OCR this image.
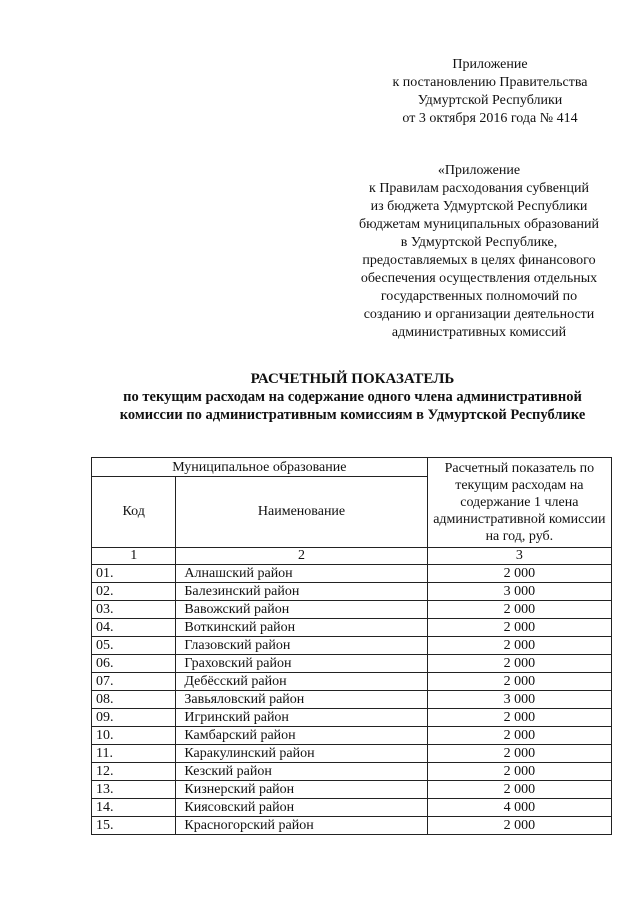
Приложение
к постановлению Правительства
Удмуртской Республики
от 3 октября 2016 года № 414
«Приложение
к Правилам расходования субвенций
из бюджета Удмуртской Республики
бюджетам муниципальных образований
в Удмуртской Республике,
предоставляемых в целях финансового
обеспечения осуществления отдельных
государственных полномочий по
созданию и организации деятельности
административных комиссий
РАСЧЕТНЫЙ ПОКАЗАТЕЛЬ
по текущим расходам на содержание одного члена административной
комиссии по административным комиссиям в Удмуртской Республике
Муниципальное образование		Расчетный показатель по текущим расходам на содержание 1 члена административной комиссии на год, руб.
Код	Наименование	
1	2	3
01.	Алнашский район	2 000
02.	Балезинский район	3 000
03.	Вавожский район	2 000
04.	Воткинский район	2 000
05.	Глазовский район	2 000
06.	Граховский район	2 000
07.	Дебёсский район	2 000
08.	Завьяловский район	3 000
09.	Игринский район	2 000
10.	Камбарский район	2 000
11.	Каракулинский район	2 000
12.	Кезский район	2 000
13.	Кизнерский район	2 000
14.	Киясовский район	4 000
15.	Красногорский район	2 000
